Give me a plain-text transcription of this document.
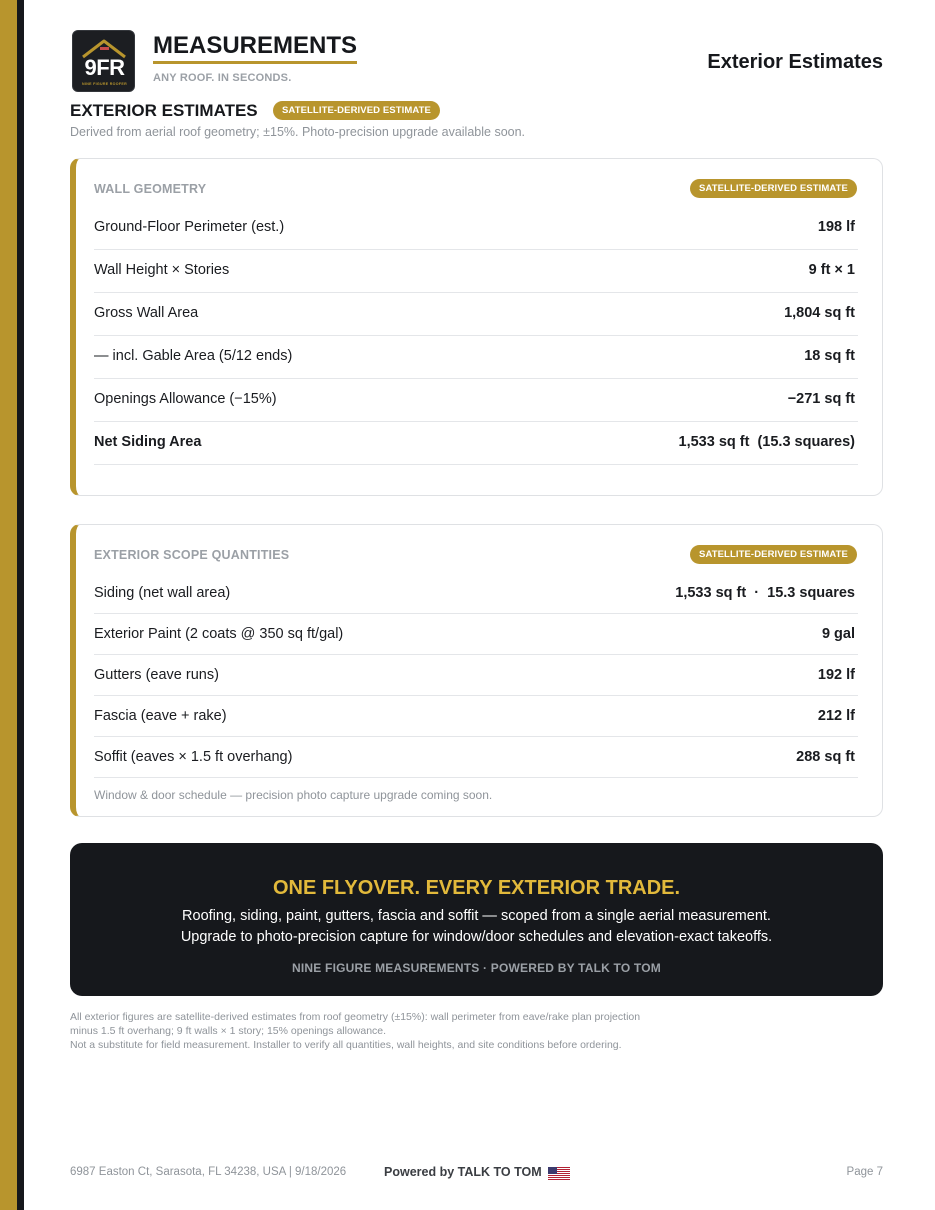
9FR
NINE FIGURE ROOFER
MEASUREMENTS
ANY ROOF. IN SECONDS.
Exterior Estimates
EXTERIOR ESTIMATES	SATELLITE-DERIVED ESTIMATE
Derived from aerial roof geometry; ±15%. Photo-precision upgrade available soon.
WALL GEOMETRY	SATELLITE-DERIVED ESTIMATE
Ground-Floor Perimeter (est.)	198 lf
Wall Height × Stories	9 ft × 1
Gross Wall Area	1,804 sq ft
— incl. Gable Area (5/12 ends)	18 sq ft
Openings Allowance (−15%)	−271 sq ft
Net Siding Area	1,533 sq ft  (15.3 squares)
EXTERIOR SCOPE QUANTITIES	SATELLITE-DERIVED ESTIMATE
Siding (net wall area)	1,533 sq ft  ·  15.3 squares
Exterior Paint (2 coats @ 350 sq ft/gal)	9 gal
Gutters (eave runs)	192 lf
Fascia (eave + rake)	212 lf
Soffit (eaves × 1.5 ft overhang)	288 sq ft
Window & door schedule — precision photo capture upgrade coming soon.
ONE FLYOVER. EVERY EXTERIOR TRADE.
Roofing, siding, paint, gutters, fascia and soffit — scoped from a single aerial measurement.
Upgrade to photo-precision capture for window/door schedules and elevation-exact takeoffs.
NINE FIGURE MEASUREMENTS · POWERED BY TALK TO TOM
All exterior figures are satellite-derived estimates from roof geometry (±15%): wall perimeter from eave/rake plan projection
minus 1.5 ft overhang; 9 ft walls × 1 story; 15% openings allowance.
Not a substitute for field measurement. Installer to verify all quantities, wall heights, and site conditions before ordering.
6987 Easton Ct, Sarasota, FL 34238, USA | 9/18/2026	Powered by TALK TO TOM	Page 7
